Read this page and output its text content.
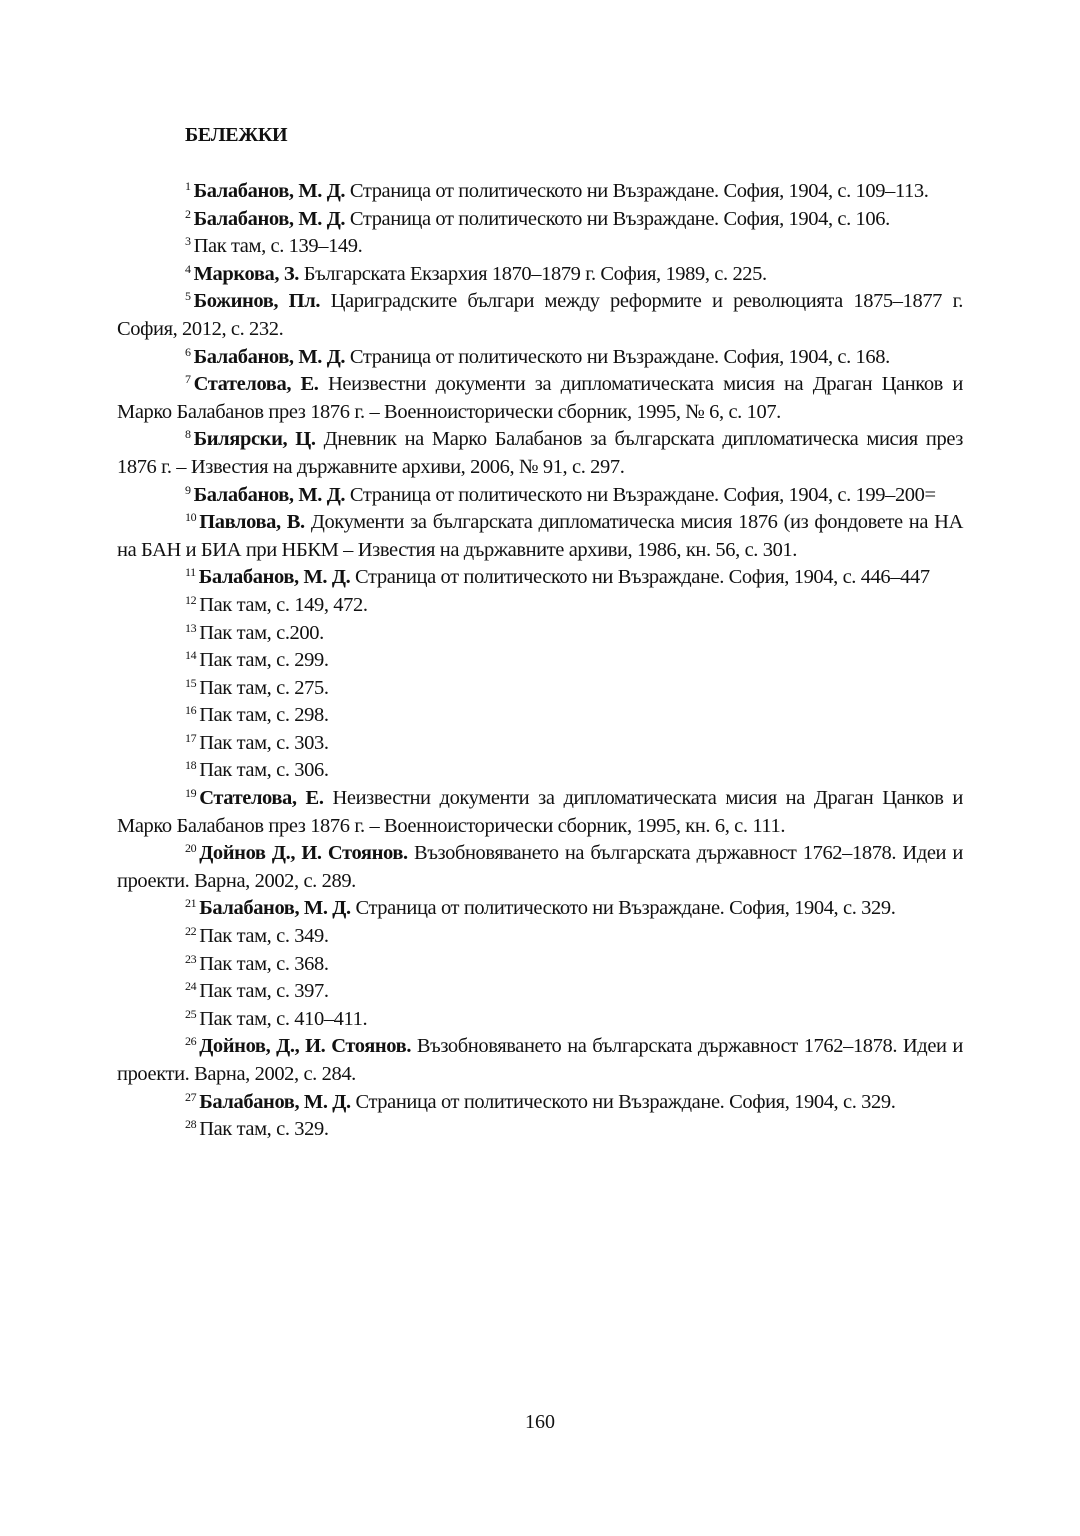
БЕЛЕЖКИ

$^1$ Балабанов, М. Д. Страница от политическото ни Възраждане. София, 1904, с. 109–113.

$^2$ Балабанов, М. Д. Страница от политическото ни Възраждане. София, 1904, с. 106.

$^3$ Пак там, с. 139–149.

$^4$ Маркова, З. Българската Екзархия 1870–1879 г. София, 1989, с. 225.

$^5$ Божинов, Пл. Цариградските българи между реформите и революцията 1875–1877 г. София, 2012, с. 232.

$^6$ Балабанов, М. Д. Страница от политическото ни Възраждане. София, 1904, с. 168.

$^7$ Стателова, Е. Неизвестни документи за дипломатическата мисия на Драган Цанков и Марко Балабанов през 1876 г. – Военноисторически сборник, 1995, № 6, с. 107.

$^8$ Билярски, Ц. Дневник на Марко Балабанов за българската дипломатическа мисия през 1876 г. – Известия на държавните архиви, 2006, № 91, с. 297.

$^9$ Балабанов, М. Д. Страница от политическото ни Възраждане. София, 1904, с. 199–200=

$^{10}$ Павлова, В. Документи за българската дипломатическа мисия 1876 (из фондовете на НА на БАН и БИА при НБКМ – Известия на държавните архиви, 1986, кн. 56, с. 301.

$^{11}$ Балабанов, М. Д. Страница от политическото ни Възраждане. София, 1904, с. 446–447

$^{12}$ Пак там, с. 149, 472.

$^{13}$ Пак там, с.200.

$^{14}$ Пак там, с. 299.

$^{15}$ Пак там, с. 275.

$^{16}$ Пак там, с. 298.

$^{17}$ Пак там, с. 303.

$^{18}$ Пак там, с. 306.

$^{19}$ Стателова, Е. Неизвестни документи за дипломатическата мисия на Драган Цанков и Марко Балабанов през 1876 г. – Военноисторически сборник, 1995, кн. 6, с. 111.

$^{20}$ Дойнов Д., И. Стоянов. Възобновяването на българската държавност 1762–1878. Идеи и проекти. Варна, 2002, с. 289.

$^{21}$ Балабанов, М. Д. Страница от политическото ни Възраждане. София, 1904, с. 329.

$^{22}$ Пак там, с. 349.

$^{23}$ Пак там, с. 368.

$^{24}$ Пак там, с. 397.

$^{25}$ Пак там, с. 410–411.

$^{26}$ Дойнов, Д., И. Стоянов. Възобновяването на българската държавност 1762–1878. Идеи и проекти. Варна, 2002, с. 284.

$^{27}$ Балабанов, М. Д. Страница от политическото ни Възраждане. София, 1904, с. 329.

$^{28}$ Пак там, с. 329.

160
